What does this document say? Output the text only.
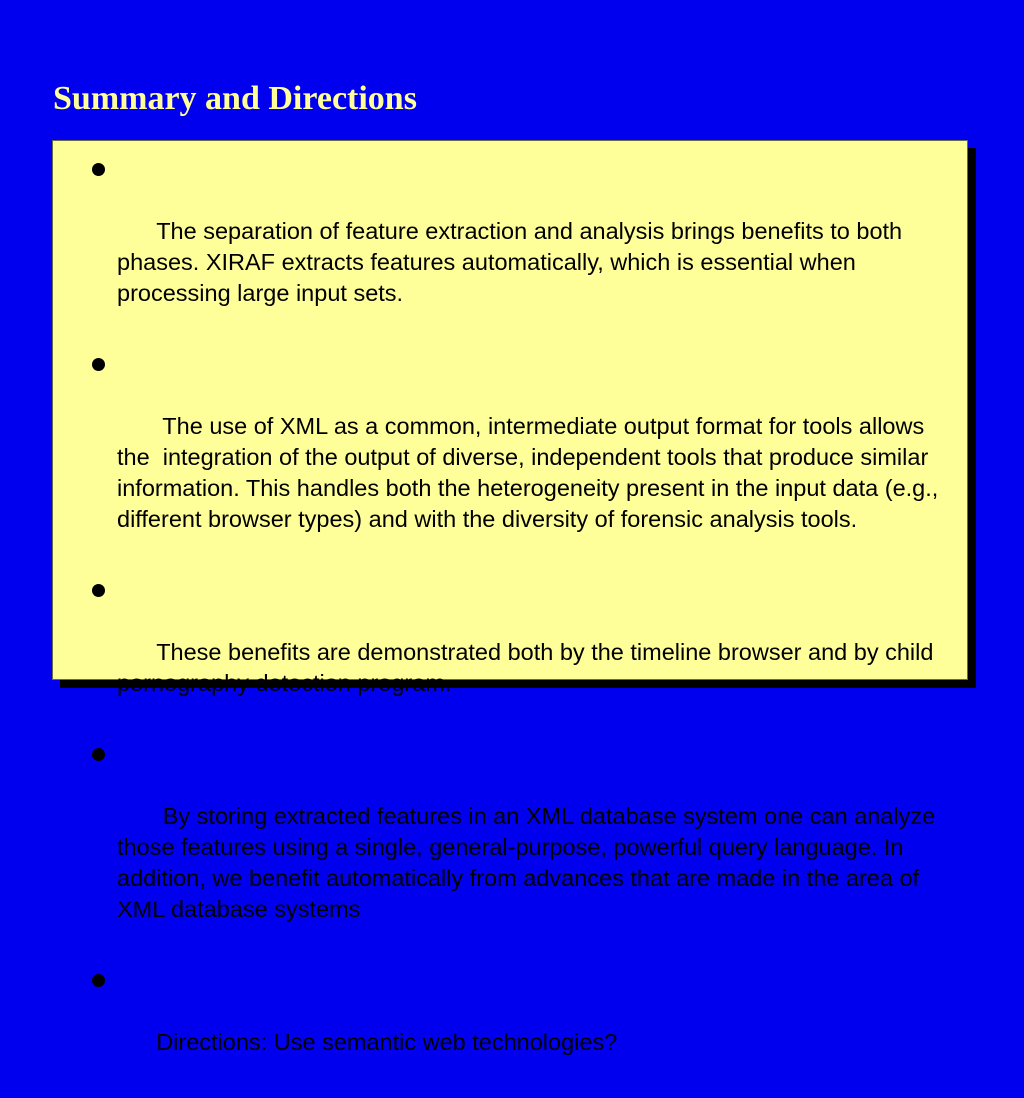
Summary and Directions

The separation of feature extraction and analysis brings benefits to both phases. XIRAF extracts features automatically, which is essential when processing large input sets.

The use of XML as a common, intermediate output format for tools allows the  integration of the output of diverse, independent tools that produce similar information. This handles both the heterogeneity present in the input data (e.g., different browser types) and with the diversity of forensic analysis tools.

These benefits are demonstrated both by the timeline browser and by child pornography detection program.

By storing extracted features in an XML database system one can analyze those features using a single, general-purpose, powerful query language. In addition, we benefit automatically from advances that are made in the area of XML database systems

Directions: Use semantic web technologies?
